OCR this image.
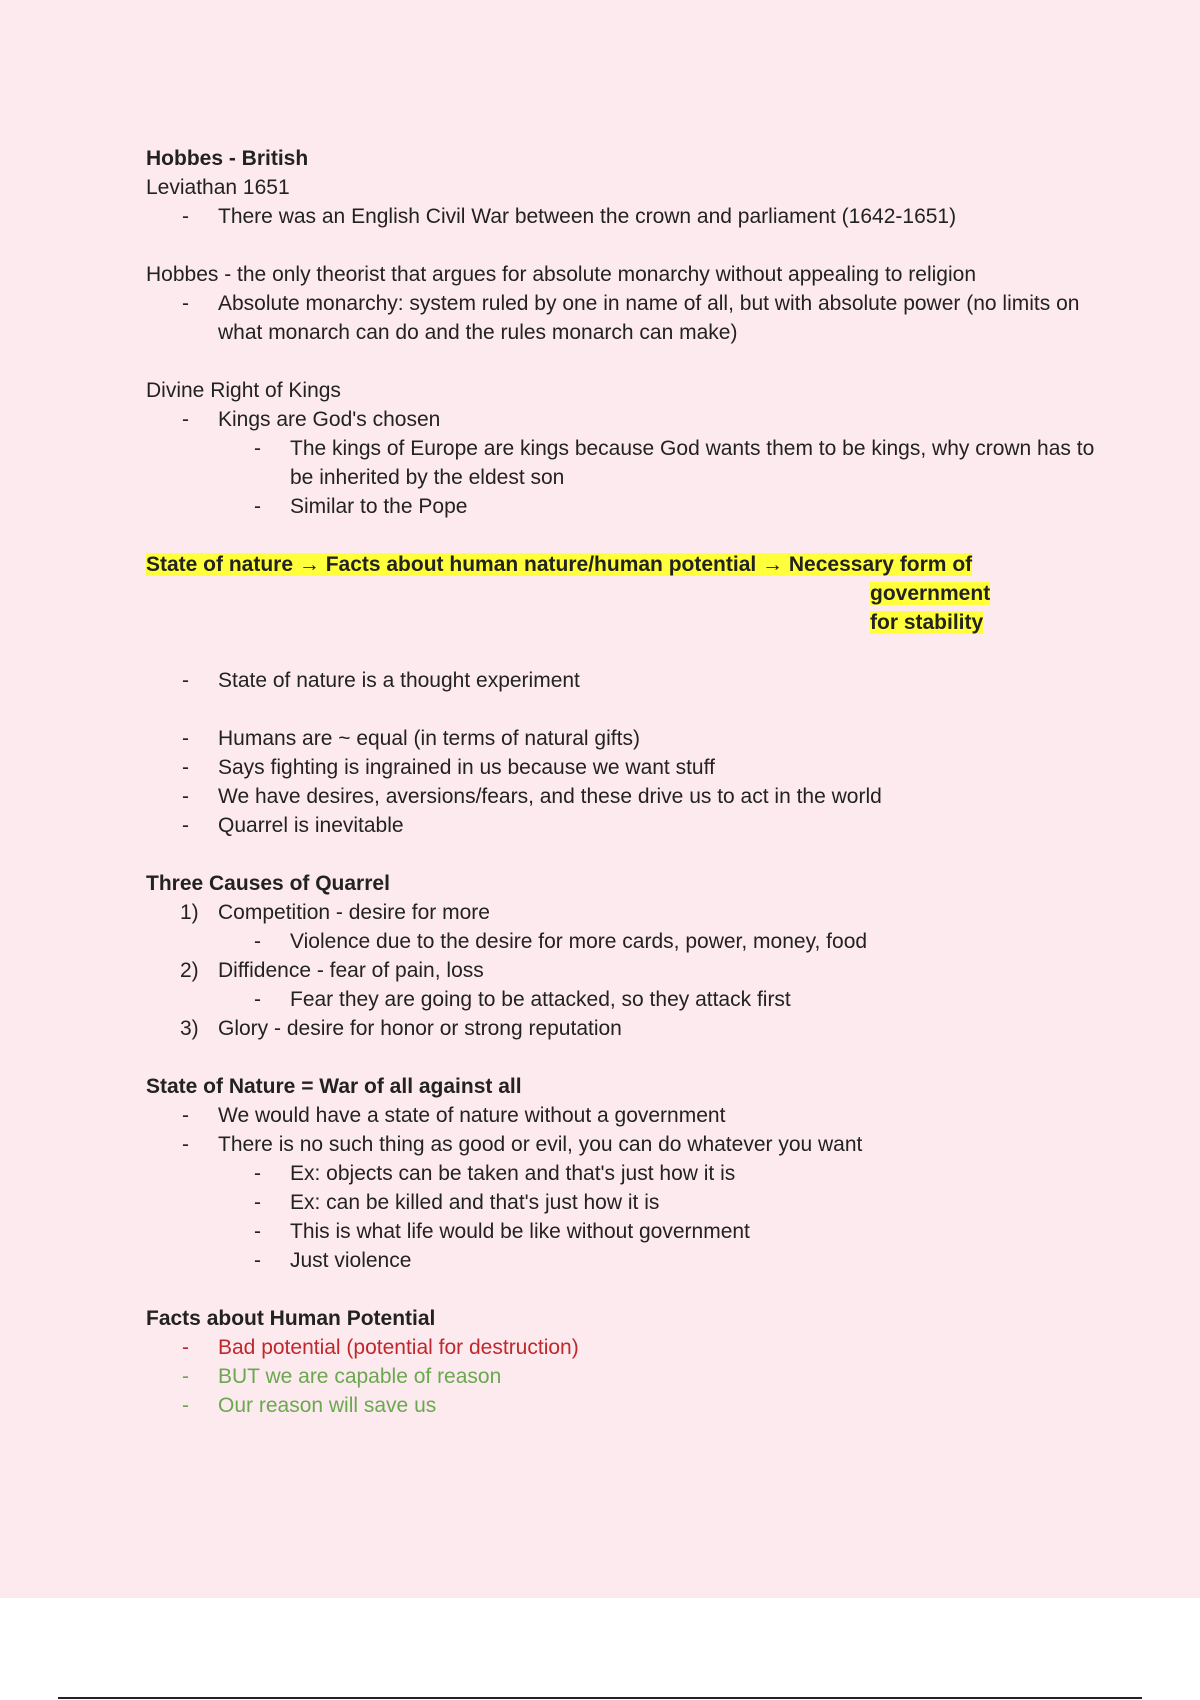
Hobbes - British

Leviathan 1651

- There was an English Civil War between the crown and parliament (1642-1651)

Hobbes - the only theorist that argues for absolute monarchy without appealing to religion

- Absolute monarchy: system ruled by one in name of all, but with absolute power (no limits on what monarch can do and the rules monarch can make)

Divine Right of Kings

- Kings are God's chosen

- The kings of Europe are kings because God wants them to be kings, why crown has to be inherited by the eldest son

- Similar to the Pope

State of nature → Facts about human nature/human potential → Necessary form of

government

for stability

- State of nature is a thought experiment

- Humans are ~ equal (in terms of natural gifts)

- Says fighting is ingrained in us because we want stuff

- We have desires, aversions/fears, and these drive us to act in the world

- Quarrel is inevitable

Three Causes of Quarrel

1) Competition - desire for more

- Violence due to the desire for more cards, power, money, food

2) Diffidence - fear of pain, loss

- Fear they are going to be attacked, so they attack first

3) Glory - desire for honor or strong reputation

State of Nature = War of all against all

- We would have a state of nature without a government

- There is no such thing as good or evil, you can do whatever you want

- Ex: objects can be taken and that's just how it is

- Ex: can be killed and that's just how it is

- This is what life would be like without government

- Just violence

Facts about Human Potential

- Bad potential (potential for destruction)

- BUT we are capable of reason

- Our reason will save us
